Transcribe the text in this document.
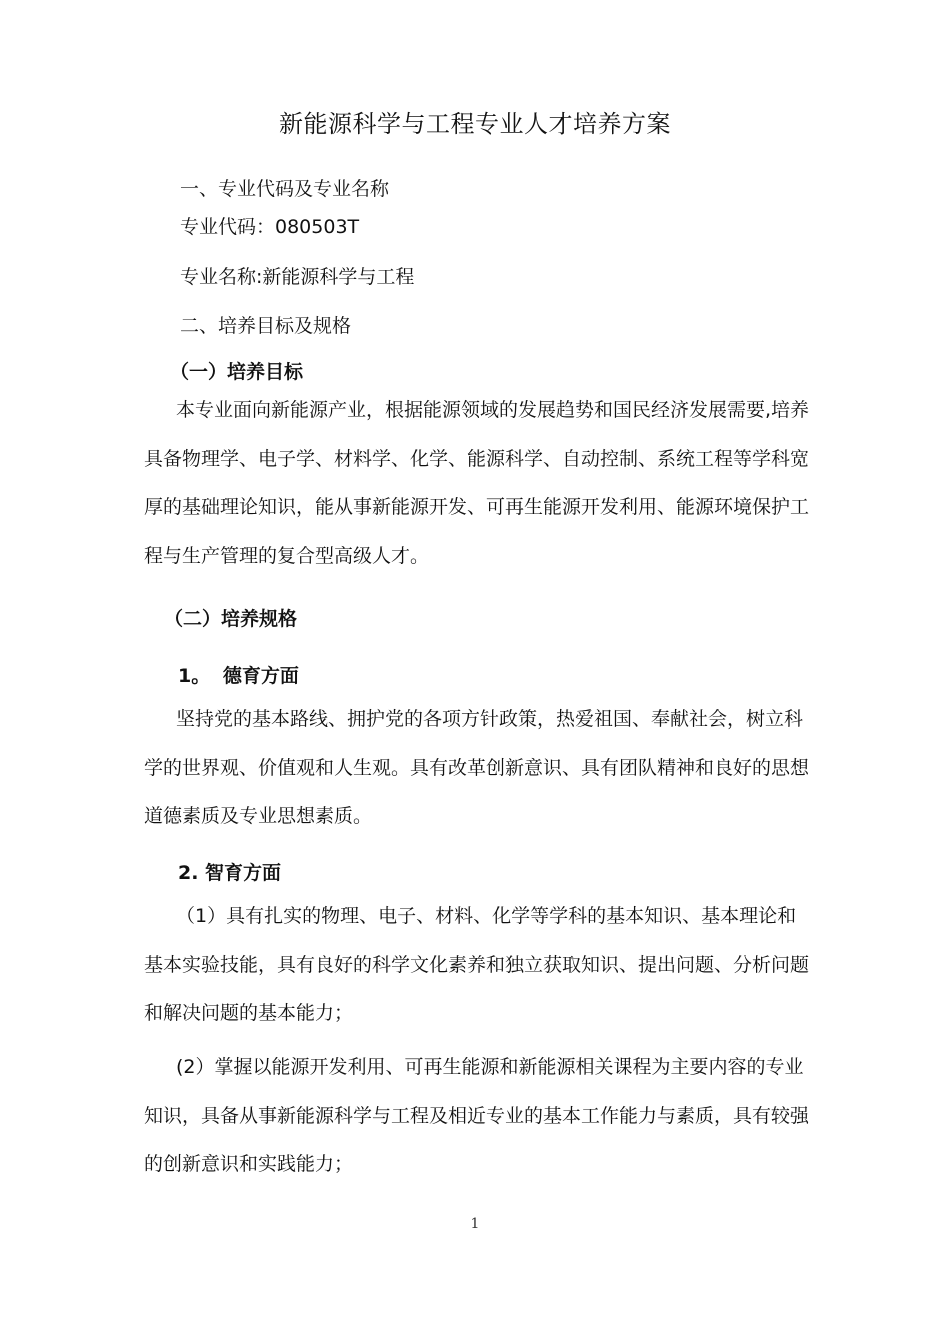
新能源科学与工程专业人才培养方案
一、专业代码及专业名称
专业代码：080503T
专业名称:新能源科学与工程
二、培养目标及规格
（一）培养目标

本专业面向新能源产业，根据能源领域的发展趋势和国民经济发展需要,培养

具备物理学、电子学、材料学、化学、能源科学、自动控制、系统工程等学科宽

厚的基础理论知识，能从事新能源开发、可再生能源开发利用、能源环境保护工

程与生产管理的复合型高级人才。

（二）培养规格
1。 德育方面

坚持党的基本路线、拥护党的各项方针政策，热爱祖国、奉献社会，树立科

学的世界观、价值观和人生观。具有改革创新意识、具有团队精神和良好的思想

道德素质及专业思想素质。

2. 智育方面

（1）具有扎实的物理、电子、材料、化学等学科的基本知识、基本理论和

基本实验技能，具有良好的科学文化素养和独立获取知识、提出问题、分析问题

和解决问题的基本能力；

(2）掌握以能源开发利用、可再生能源和新能源相关课程为主要内容的专业

知识，具备从事新能源科学与工程及相近专业的基本工作能力与素质，具有较强

的创新意识和实践能力；

1
